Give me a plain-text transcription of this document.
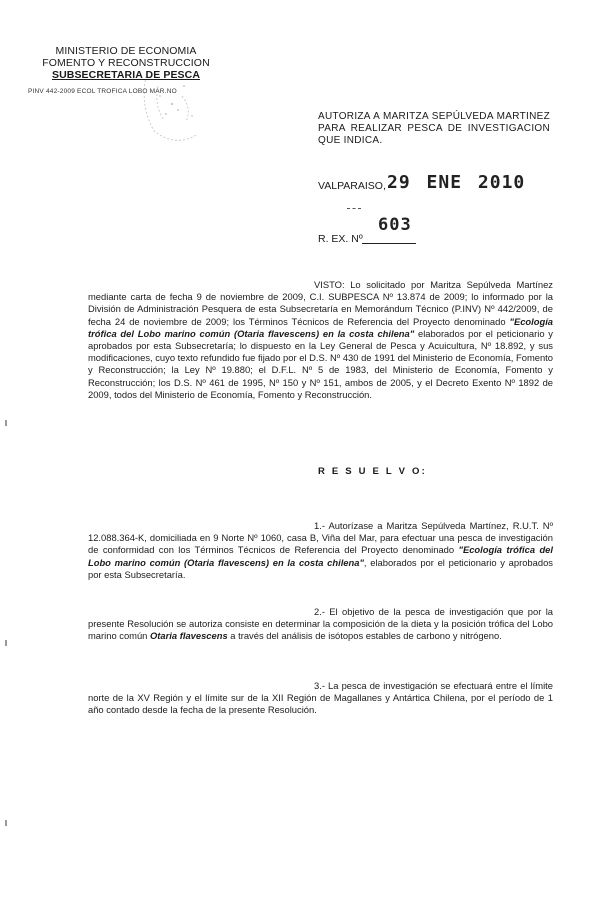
MINISTERIO DE ECONOMIA
FOMENTO Y RECONSTRUCCION
SUBSECRETARIA DE PESCA
PINV 442-2009 ECOL TROFICA LOBO MAR.NO
AUTORIZA A MARITZA SEPÚLVEDA MARTINEZ PARA REALIZAR PESCA DE INVESTIGACION QUE INDICA.
VALPARAISO, 29 ENE 2010
603
R. EX. Nº
VISTO: Lo solicitado por Maritza Sepúlveda Martínez mediante carta de fecha 9 de noviembre de 2009, C.I. SUBPESCA Nº 13.874 de 2009; lo informado por la División de Administración Pesquera de esta Subsecretaría en Memorándum Técnico (P.INV) Nº 442/2009, de fecha 24 de noviembre de 2009; los Términos Técnicos de Referencia del Proyecto denominado "Ecología trófica del Lobo marino común (Otaria flavescens) en la costa chilena" elaborados por el peticionario y aprobados por esta Subsecretaría; lo dispuesto en la Ley General de Pesca y Acuicultura, Nº 18.892, y sus modificaciones, cuyo texto refundido fue fijado por el D.S. Nº 430 de 1991 del Ministerio de Economía, Fomento y Reconstrucción; la Ley Nº 19.880; el D.F.L. Nº 5 de 1983, del Ministerio de Economía, Fomento y Reconstrucción; los D.S. Nº 461 de 1995, Nº 150 y Nº 151, ambos de 2005, y el Decreto Exento Nº 1892 de 2009, todos del Ministerio de Economía, Fomento y Reconstrucción.
R E S U E L V O:
1.- Autorízase a Maritza Sepúlveda Martínez, R.U.T. Nº 12.088.364-K, domiciliada en 9 Norte Nº 1060, casa B, Viña del Mar, para efectuar una pesca de investigación de conformidad con los Términos Técnicos de Referencia del Proyecto denominado "Ecología trófica del Lobo marino común (Otaria flavescens) en la costa chilena", elaborados por el peticionario y aprobados por esta Subsecretaría.
2.- El objetivo de la pesca de investigación que por la presente Resolución se autoriza consiste en determinar la composición de la dieta y la posición trófica del Lobo marino común Otaria flavescens a través del análisis de isótopos estables de carbono y nitrógeno.
3.- La pesca de investigación se efectuará entre el límite norte de la XV Región y el límite sur de la XII Región de Magallanes y Antártica Chilena, por el período de 1 año contado desde la fecha de la presente Resolución.
